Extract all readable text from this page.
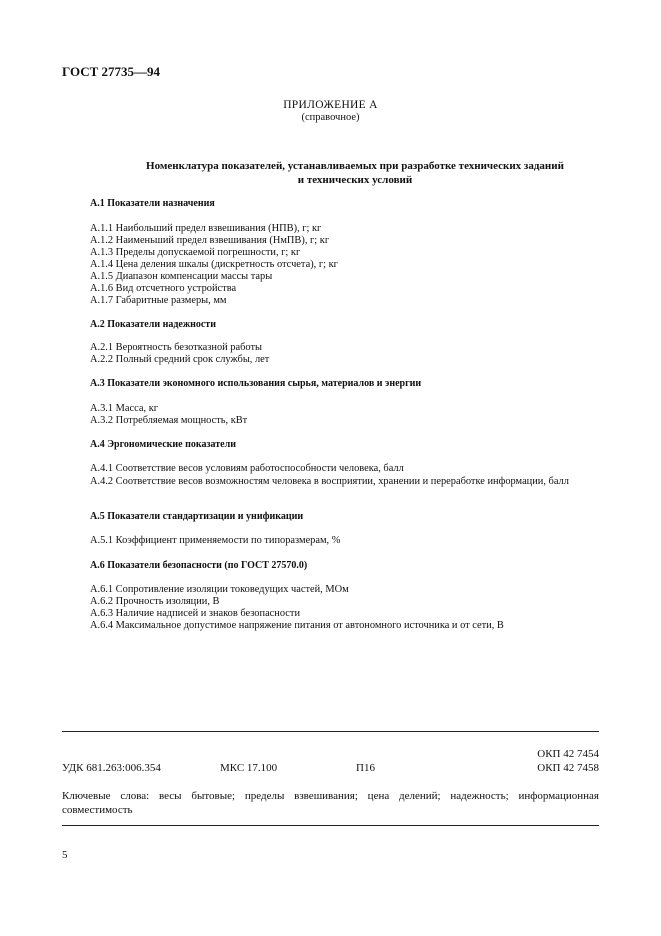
ГОСТ 27735—94
ПРИЛОЖЕНИЕ А
(справочное)
Номенклатура показателей, устанавливаемых при разработке технических заданий
и технических условий
А.1 Показатели назначения
А.1.1 Наибольший предел взвешивания (НПВ), г; кг
А.1.2 Наименьший предел взвешивания (НмПВ), г; кг
А.1.3 Пределы допускаемой погрешности, г; кг
А.1.4 Цена деления шкалы (дискретность отсчета), г; кг
А.1.5 Диапазон компенсации массы тары
А.1.6 Вид отсчетного устройства
А.1.7 Габаритные размеры, мм
А.2 Показатели надежности
А.2.1 Вероятность безотказной работы
А.2.2 Полный средний срок службы, лет
А.3 Показатели экономного использования сырья, материалов и энергии
А.3.1 Масса, кг
А.3.2 Потребляемая мощность, кВт
А.4 Эргономические показатели
А.4.1 Соответствие весов условиям работоспособности человека, балл
А.4.2 Соответствие весов возможностям человека в восприятии, хранении и переработке информации, балл
А.5 Показатели стандартизации и унификации
А.5.1 Коэффициент применяемости по типоразмерам, %
А.6 Показатели безопасности (по ГОСТ 27570.0)
А.6.1 Сопротивление изоляции токоведущих частей, МОм
А.6.2 Прочность изоляции, В
А.6.3 Наличие надписей и знаков безопасности
А.6.4 Максимальное допустимое напряжение питания от автономного источника и от сети, В
ОКП 42 7454
УДК 681.263:006.354	МКС 17.100	П16	ОКП 42 7458
Ключевые слова: весы бытовые; пределы взвешивания; цена делений; надежность; информационная совместимость
5
